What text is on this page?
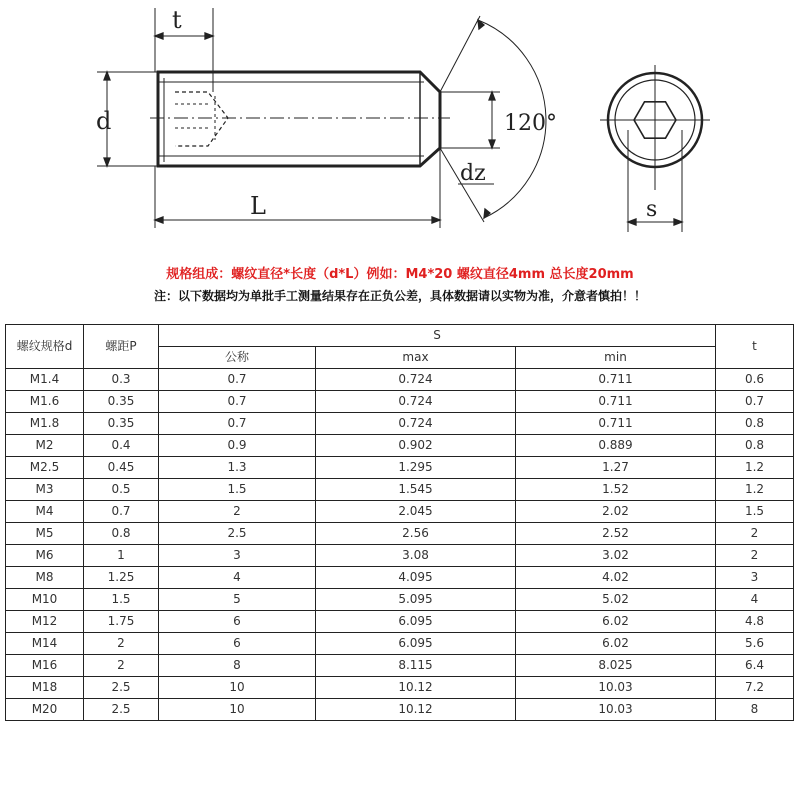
t
d	120°
dz
L	s
规格组成：螺纹直径*长度（d*L）例如：M4*20 螺纹直径4mm 总长度20mm
注：以下数据均为单批手工测量结果存在正负公差，具体数据请以实物为准，介意者慎拍！！
螺纹规格d	螺距P	S			t
		公称	max	min	
M1.4	0.3	0.7	0.724	0.711	0.6
M1.6	0.35	0.7	0.724	0.711	0.7
M1.8	0.35	0.7	0.724	0.711	0.8
M2	0.4	0.9	0.902	0.889	0.8
M2.5	0.45	1.3	1.295	1.27	1.2
M3	0.5	1.5	1.545	1.52	1.2
M4	0.7	2	2.045	2.02	1.5
M5	0.8	2.5	2.56	2.52	2
M6	1	3	3.08	3.02	2
M8	1.25	4	4.095	4.02	3
M10	1.5	5	5.095	5.02	4
M12	1.75	6	6.095	6.02	4.8
M14	2	6	6.095	6.02	5.6
M16	2	8	8.115	8.025	6.4
M18	2.5	10	10.12	10.03	7.2
M20	2.5	10	10.12	10.03	8
